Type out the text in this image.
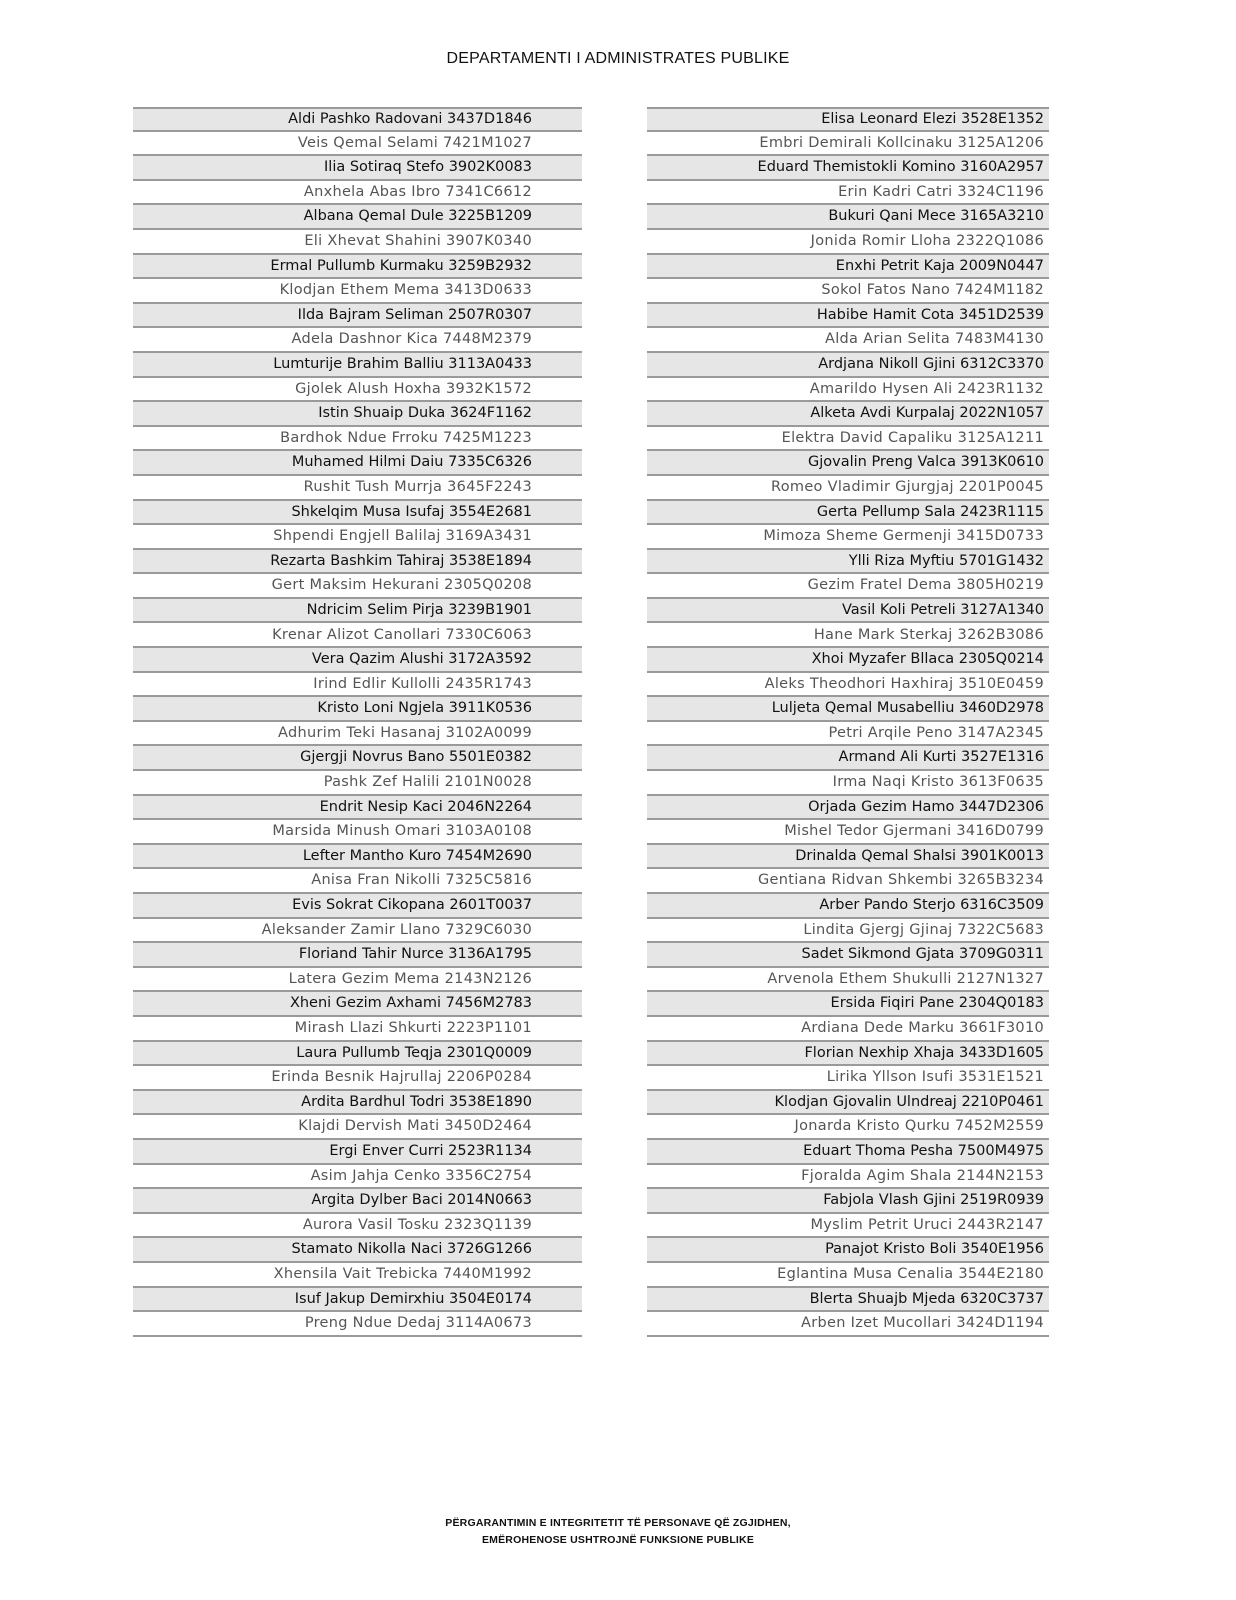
DEPARTAMENTI I ADMINISTRATES PUBLIKE
Aldi Pashko Radovani 3437D1846
Veis Qemal Selami 7421M1027
Ilia Sotiraq Stefo 3902K0083
Anxhela Abas Ibro 7341C6612
Albana Qemal Dule 3225B1209
Eli Xhevat Shahini 3907K0340
Ermal Pullumb Kurmaku 3259B2932
Klodjan Ethem Mema 3413D0633
Ilda Bajram Seliman 2507R0307
Adela Dashnor Kica 7448M2379
Lumturije Brahim Balliu 3113A0433
Gjolek Alush Hoxha 3932K1572
Istin Shuaip Duka 3624F1162
Bardhok Ndue Frroku 7425M1223
Muhamed Hilmi Daiu 7335C6326
Rushit Tush Murrja 3645F2243
Shkelqim Musa Isufaj 3554E2681
Shpendi Engjell Balilaj 3169A3431
Rezarta Bashkim Tahiraj 3538E1894
Gert Maksim Hekurani 2305Q0208
Ndricim Selim Pirja 3239B1901
Krenar Alizot Canollari 7330C6063
Vera Qazim Alushi 3172A3592
Irind Edlir Kullolli 2435R1743
Kristo Loni Ngjela 3911K0536
Adhurim Teki Hasanaj 3102A0099
Gjergji Novrus Bano 5501E0382
Pashk Zef Halili 2101N0028
Endrit Nesip Kaci 2046N2264
Marsida Minush Omari 3103A0108
Lefter Mantho Kuro 7454M2690
Anisa Fran Nikolli 7325C5816
Evis Sokrat Cikopana 2601T0037
Aleksander Zamir Llano 7329C6030
Floriand Tahir Nurce 3136A1795
Latera Gezim Mema 2143N2126
Xheni Gezim Axhami 7456M2783
Mirash Llazi Shkurti 2223P1101
Laura Pullumb Teqja 2301Q0009
Erinda Besnik Hajrullaj 2206P0284
Ardita Bardhul Todri 3538E1890
Klajdi Dervish Mati 3450D2464
Ergi Enver Curri 2523R1134
Asim Jahja Cenko 3356C2754
Argita Dylber Baci 2014N0663
Aurora Vasil Tosku 2323Q1139
Stamato Nikolla Naci 3726G1266
Xhensila Vait Trebicka 7440M1992
Isuf Jakup Demirxhiu 3504E0174
Preng Ndue Dedaj 3114A0673
Elisa Leonard Elezi 3528E1352
Embri Demirali Kollcinaku 3125A1206
Eduard Themistokli Komino 3160A2957
Erin Kadri Catri 3324C1196
Bukuri Qani Mece 3165A3210
Jonida Romir Lloha 2322Q1086
Enxhi Petrit Kaja 2009N0447
Sokol Fatos Nano 7424M1182
Habibe Hamit Cota 3451D2539
Alda Arian Selita 7483M4130
Ardjana Nikoll Gjini 6312C3370
Amarildo Hysen Ali 2423R1132
Alketa Avdi Kurpalaj 2022N1057
Elektra David Capaliku 3125A1211
Gjovalin Preng Valca 3913K0610
Romeo Vladimir Gjurgjaj 2201P0045
Gerta Pellump Sala 2423R1115
Mimoza Sheme Germenji 3415D0733
Ylli Riza Myftiu 5701G1432
Gezim Fratel Dema 3805H0219
Vasil Koli Petreli 3127A1340
Hane Mark Sterkaj 3262B3086
Xhoi Myzafer Bllaca 2305Q0214
Aleks Theodhori Haxhiraj 3510E0459
Luljeta Qemal Musabelliu 3460D2978
Petri Arqile Peno 3147A2345
Armand Ali Kurti 3527E1316
Irma Naqi Kristo 3613F0635
Orjada Gezim Hamo 3447D2306
Mishel Tedor Gjermani 3416D0799
Drinalda Qemal Shalsi 3901K0013
Gentiana Ridvan Shkembi 3265B3234
Arber Pando Sterjo 6316C3509
Lindita Gjergj Gjinaj 7322C5683
Sadet Sikmond Gjata 3709G0311
Arvenola Ethem Shukulli 2127N1327
Ersida Fiqiri Pane 2304Q0183
Ardiana Dede Marku 3661F3010
Florian Nexhip Xhaja 3433D1605
Lirika Yllson Isufi 3531E1521
Klodjan Gjovalin Ulndreaj 2210P0461
Jonarda Kristo Qurku 7452M2559
Eduart Thoma Pesha 7500M4975
Fjoralda Agim Shala 2144N2153
Fabjola Vlash Gjini 2519R0939
Myslim Petrit Uruci 2443R2147
Panajot Kristo Boli 3540E1956
Eglantina Musa Cenalia 3544E2180
Blerta Shuajb Mjeda 6320C3737
Arben Izet Mucollari 3424D1194
PËRGARANTIMIN E INTEGRITETIT TË PERSONAVE QË ZGJIDHEN,
EMËROHENOSE USHTROJNË FUNKSIONE PUBLIKE
